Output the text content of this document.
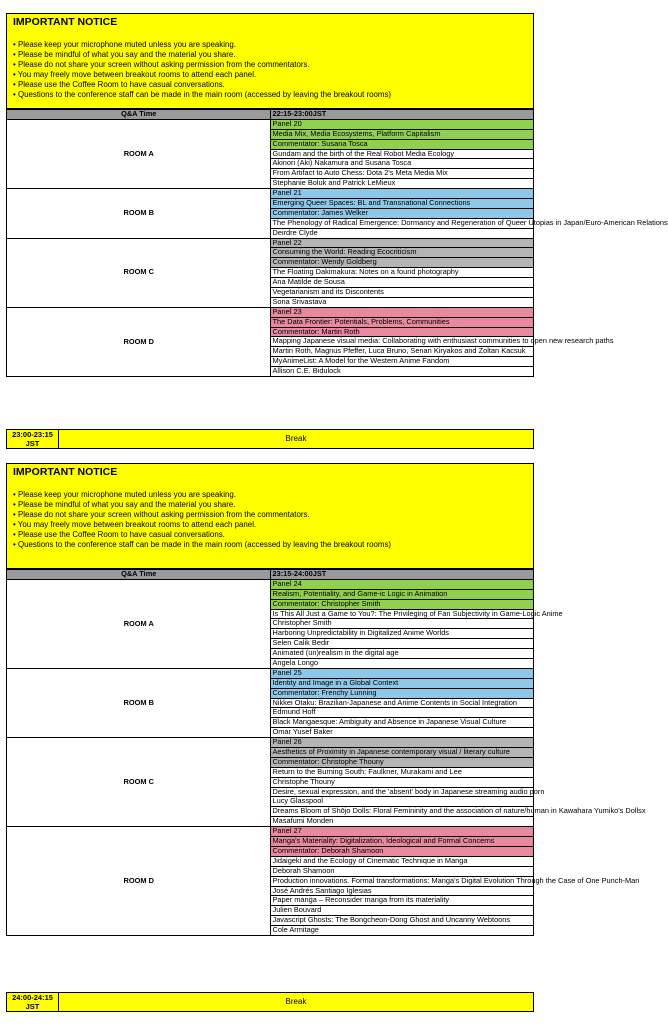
IMPORTANT NOTICE
• Please keep your microphone muted unless you are speaking.
• Please be mindful of what you say and the material you share.
• Please do not share your screen without asking permission from the commentators.
• You may freely move between breakout rooms to attend each panel.
• Please use the Coffee Room to have casual conversations.
• Questions to the conference staff can be made in the main room (accessed by leaving the breakout rooms)
Q&A Time	22:15-23:00JST
ROOM A	Panel 20
	Media Mix, Media Ecosystems, Platform Capitalism
	Commentator: Susana Tosca
	Gundam and the birth of the Real Robot Media Ecology
	Akinori (Aki) Nakamura and Susana Tosca
	From Artifact to Auto Chess: Dota 2's Meta Media Mix
	Stephanie Boluk and Patrick LeMieux
ROOM B	Panel 21
	Emerging Queer Spaces: BL and Transnational Connections
	Commentator: James Welker
	The Phenology of Radical Emergence: Dormancy and Regeneration of Queer Utopias in Japan/Euro-American Relations
	Deirdre Clyde
ROOM C	Panel 22
	Consuming the World: Reading Ecocriticism
	Commentator: Wendy Goldberg
	The Floating Dakimakura: Notes on a found photography
	Ana Matilde de Sousa
	Vegetarianism and its Discontents
	Sona Srivastava
ROOM D	Panel 23
	The Data Frontier: Potentials, Problems, Communities
	Commentator: Martin Roth
	Mapping Japanese visual media: Collaborating with enthusiast communities to open new research paths
	Martin Roth, Magnus Pfeffer, Luca Bruno, Senan Kiryakos and Zoltan Kacsuk
	MyAnimeList: A Model for the Western Anime Fandom
	Allison C.E. Bidulock
23:00-23:15 JST	Break
IMPORTANT NOTICE
• Please keep your microphone muted unless you are speaking.
• Please be mindful of what you say and the material you share.
• Please do not share your screen without asking permission from the commentators.
• You may freely move between breakout rooms to attend each panel.
• Please use the Coffee Room to have casual conversations.
• Questions to the conference staff can be made in the main room (accessed by leaving the breakout rooms)
Q&A Time	23:15-24:00JST
ROOM A	Panel 24
	Realism, Potentiality, and Game-ic Logic in Animation
	Commentator: Christopher Smith
	Is This All Just a Game to You?: The Privileging of Fan Subjectivity in Game-Logic Anime
	Christopher Smith
	Harboring Unpredictability in Digitalized Anime Worlds
	Selen Calik Bedir
	Animated (un)realism in the digital age
	Angela Longo
ROOM B	Panel 25
	Identity and Image in a Global Context
	Commentator: Frenchy Lunning
	Nikkei Otaku: Brazilian-Japanese and Anime Contents in Social Integration
	Edmund Hoff
	Black Mangaesque: Ambiguity and Absence in Japanese Visual Culture
	Omar Yusef Baker
ROOM C	Panel 26
	Aesthetics of Proximity in Japanese contemporary visual / literary culture
	Commentator: Christophe Thouny
	Return to the Burning South: Faulkner, Murakami and Lee
	Christophe Thouny
	Desire, sexual expression, and the 'absent' body in Japanese streaming audio porn
	Lucy Glasspool
	Dreams Bloom of Shōjo Dolls: Floral Femininity and the association of nature/human in Kawahara Yumiko's Dollsx
	Masafumi Monden
ROOM D	Panel 27
	Manga's Materiality: Digitalization, Ideological and Formal Concerns
	Commentator: Deborah Shamoon
	Jidaigeki and the Ecology of Cinematic Technique in Manga
	Deborah Shamoon
	Production innovations. Formal transformations: Manga's Digital Evolution Through the Case of One Punch-Man
	José Andrés Santiago Iglesias
	Paper manga – Reconsider manga from its materiality
	Julien Bouvard
	Javascript Ghosts: The Bongcheon-Dong Ghost and Uncanny Webtoons
	Cole Armitage
24:00-24:15 JST	Break
